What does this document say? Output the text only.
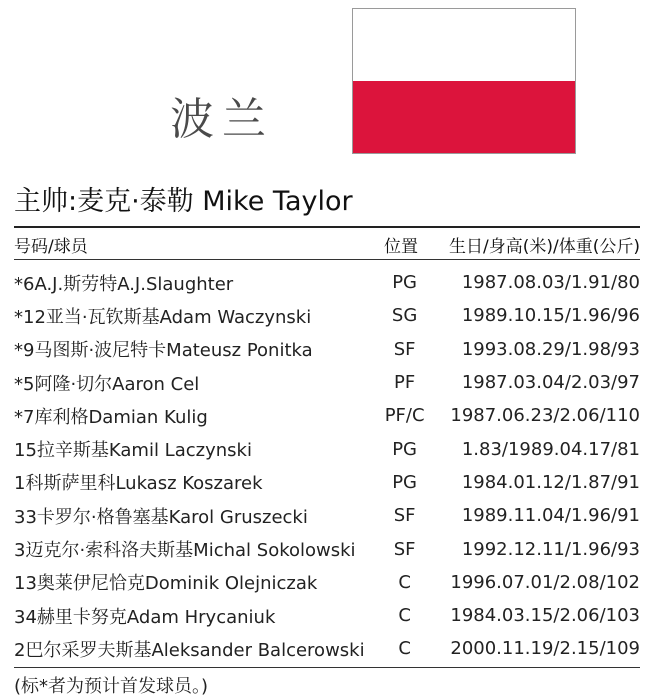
波兰
主帅:麦克·泰勒 Mike Taylor
号码/球员	位置 生日/身高(米)/体重(公斤)
*6A.J.斯劳特A.J.Slaughter	PG	1987.08.03/1.91/80
*12亚当·瓦钦斯基Adam Waczynski	SG	1989.10.15/1.96/96
*9马图斯·波尼特卡Mateusz Ponitka	SF	1993.08.29/1.98/93
*5阿隆·切尔Aaron Cel	PF	1987.03.04/2.03/97
*7库利格Damian Kulig	PF/C	1987.06.23/2.06/110
15拉辛斯基Kamil Laczynski	PG	1.83/1989.04.17/81
1科斯萨里科Lukasz Koszarek	PG	1984.01.12/1.87/91
33卡罗尔·格鲁塞基Karol Gruszecki	SF	1989.11.04/1.96/91
3迈克尔·索科洛夫斯基Michal Sokolowski	SF	1992.12.11/1.96/93
13奥莱伊尼恰克Dominik Olejniczak	C	1996.07.01/2.08/102
34赫里卡努克Adam Hrycaniuk	C	1984.03.15/2.06/103
2巴尔采罗夫斯基Aleksander Balcerowski	C	2000.11.19/2.15/109
(标*者为预计首发球员。)
